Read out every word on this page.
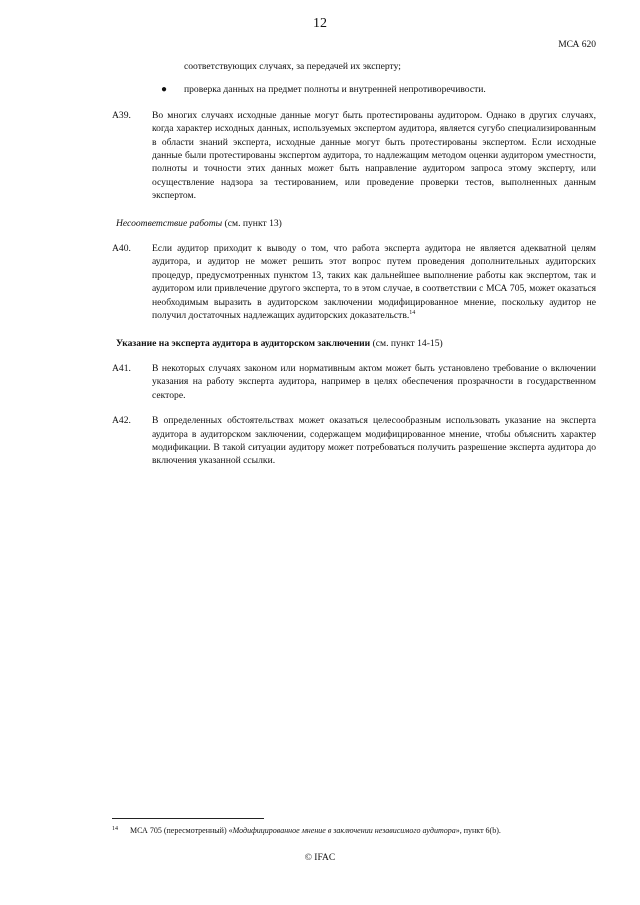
12
МСА 620
соответствующих случаях, за передачей их эксперту;
● проверка данных на предмет полноты и внутренней непротиворечивости.
A39. Во многих случаях исходные данные могут быть протестированы аудитором. Однако в других случаях, когда характер исходных данных, используемых экспертом аудитора, является сугубо специализированным в области знаний эксперта, исходные данные могут быть протестированы экспертом. Если исходные данные были протестированы экспертом аудитора, то надлежащим методом оценки аудитором уместности, полноты и точности этих данных может быть направление аудитором запроса этому эксперту, или осуществление надзора за тестированием, или проведение проверки тестов, выполненных данным экспертом.
Несоответствие работы (см. пункт 13)
A40. Если аудитор приходит к выводу о том, что работа эксперта аудитора не является адекватной целям аудитора, и аудитор не может решить этот вопрос путем проведения дополнительных аудиторских процедур, предусмотренных пунктом 13, таких как дальнейшее выполнение работы как экспертом, так и аудитором или привлечение другого эксперта, то в этом случае, в соответствии с МСА 705, может оказаться необходимым выразить в аудиторском заключении модифицированное мнение, поскольку аудитор не получил достаточных надлежащих аудиторских доказательств.$^{14}$
Указание на эксперта аудитора в аудиторском заключении (см. пункт 14-15)
A41. В некоторых случаях законом или нормативным актом может быть установлено требование о включении указания на работу эксперта аудитора, например в целях обеспечения прозрачности в государственном секторе.
A42. В определенных обстоятельствах может оказаться целесообразным использовать указание на эксперта аудитора в аудиторском заключении, содержащем модифицированное мнение, чтобы объяснить характер модификации. В такой ситуации аудитору может потребоваться получить разрешение эксперта аудитора до включения указанной ссылки.
14 МСА 705 (пересмотренный) «Модифицированное мнение в заключении независимого аудитора», пункт 6(b).
© IFAC
